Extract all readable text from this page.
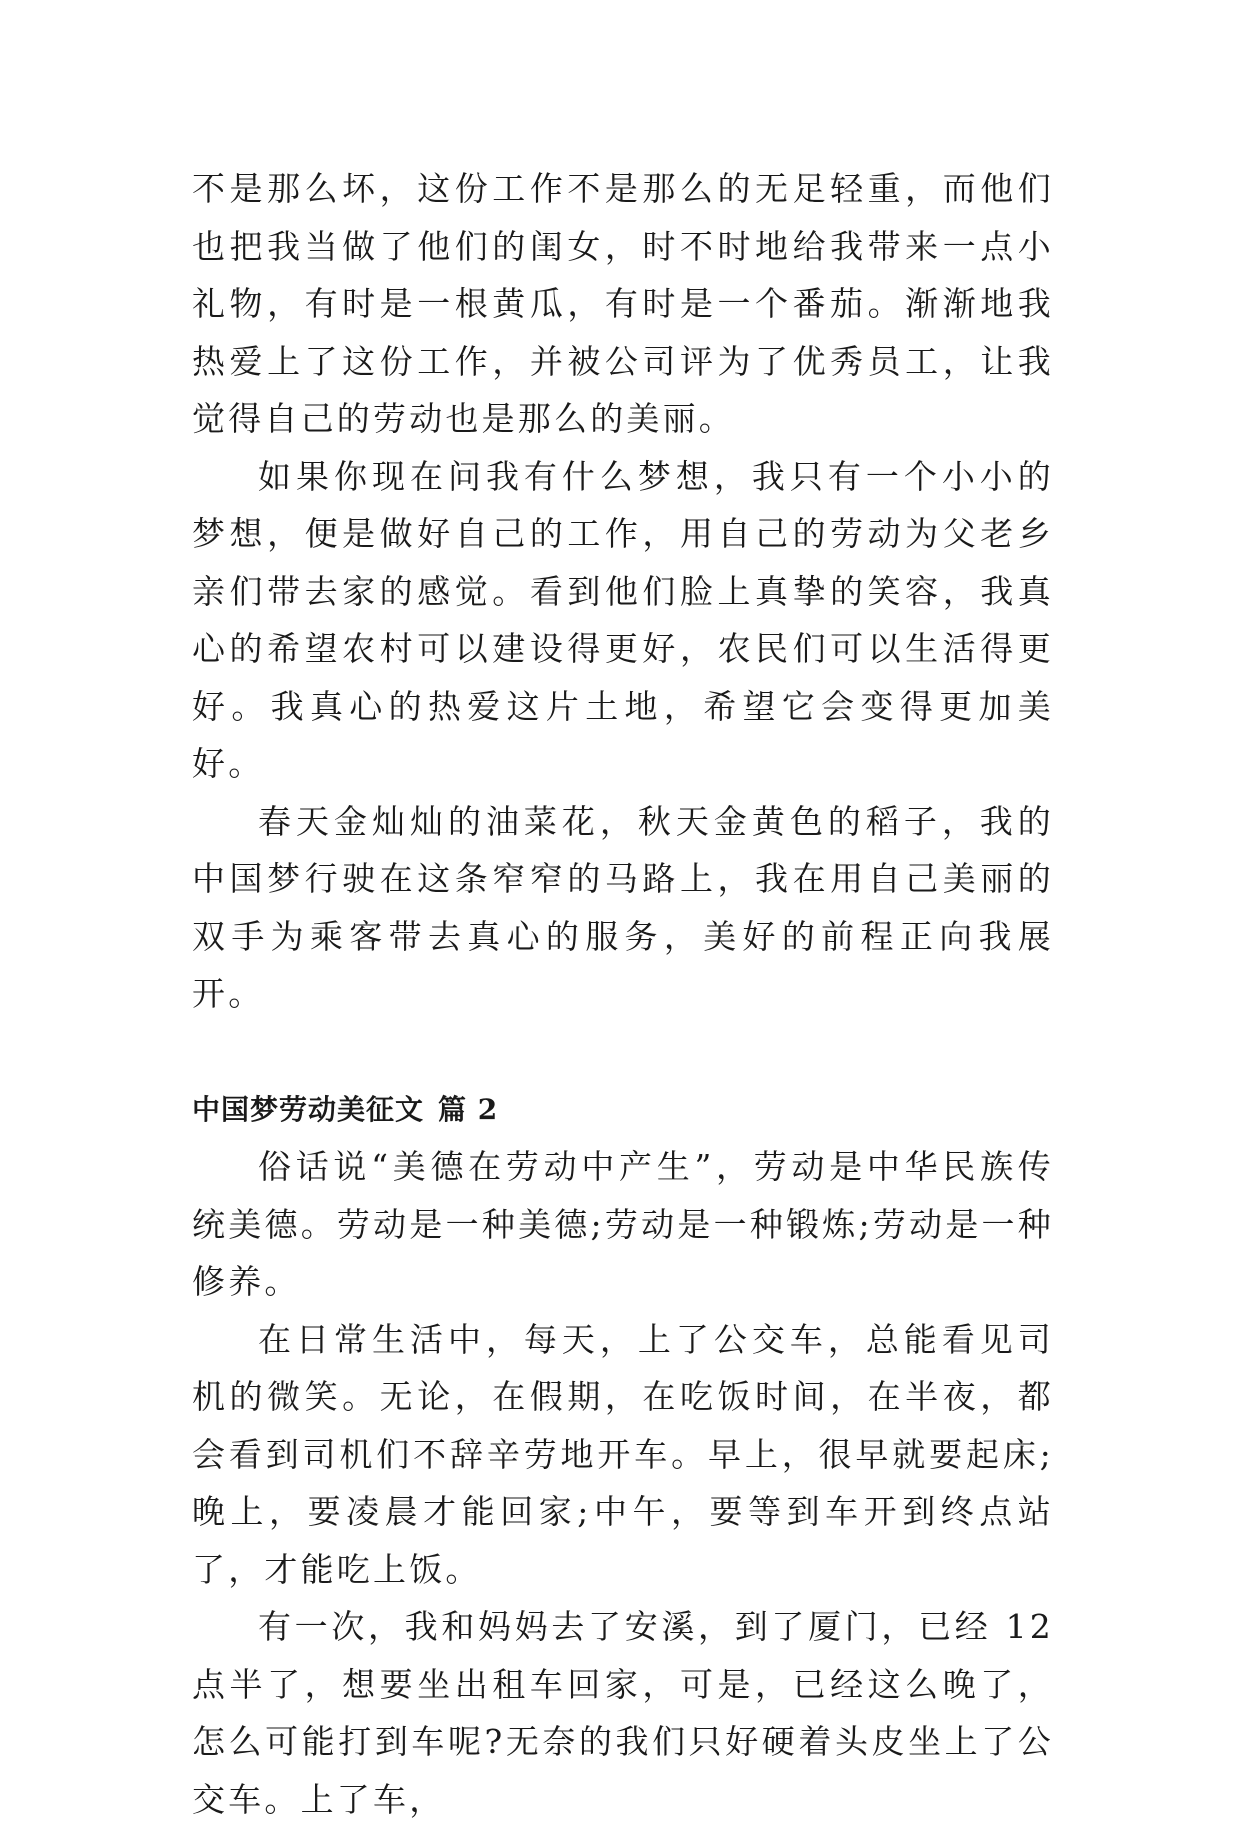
不是那么坏，这份工作不是那么的无足轻重，而他们也把我当做了他们的闺女，时不时地给我带来一点小礼物，有时是一根黄瓜，有时是一个番茄。渐渐地我热爱上了这份工作，并被公司评为了优秀员工，让我觉得自己的劳动也是那么的美丽。

如果你现在问我有什么梦想，我只有一个小小的梦想，便是做好自己的工作，用自己的劳动为父老乡亲们带去家的感觉。看到他们脸上真挚的笑容，我真心的希望农村可以建设得更好，农民们可以生活得更好。我真心的热爱这片土地，希望它会变得更加美好。

春天金灿灿的油菜花，秋天金黄色的稻子，我的中国梦行驶在这条窄窄的马路上，我在用自己美丽的双手为乘客带去真心的服务，美好的前程正向我展开。

中国梦劳动美征文 篇 2

俗话说“美德在劳动中产生”，劳动是中华民族传统美德。劳动是一种美德;劳动是一种锻炼;劳动是一种修养。

在日常生活中，每天，上了公交车，总能看见司机的微笑。无论，在假期，在吃饭时间，在半夜，都会看到司机们不辞辛劳地开车。早上，很早就要起床;晚上，要凌晨才能回家;中午，要等到车开到终点站了，才能吃上饭。

有一次，我和妈妈去了安溪，到了厦门，已经 12 点半了，想要坐出租车回家，可是，已经这么晚了，怎么可能打到车呢?无奈的我们只好硬着头皮坐上了公交车。上了车，
